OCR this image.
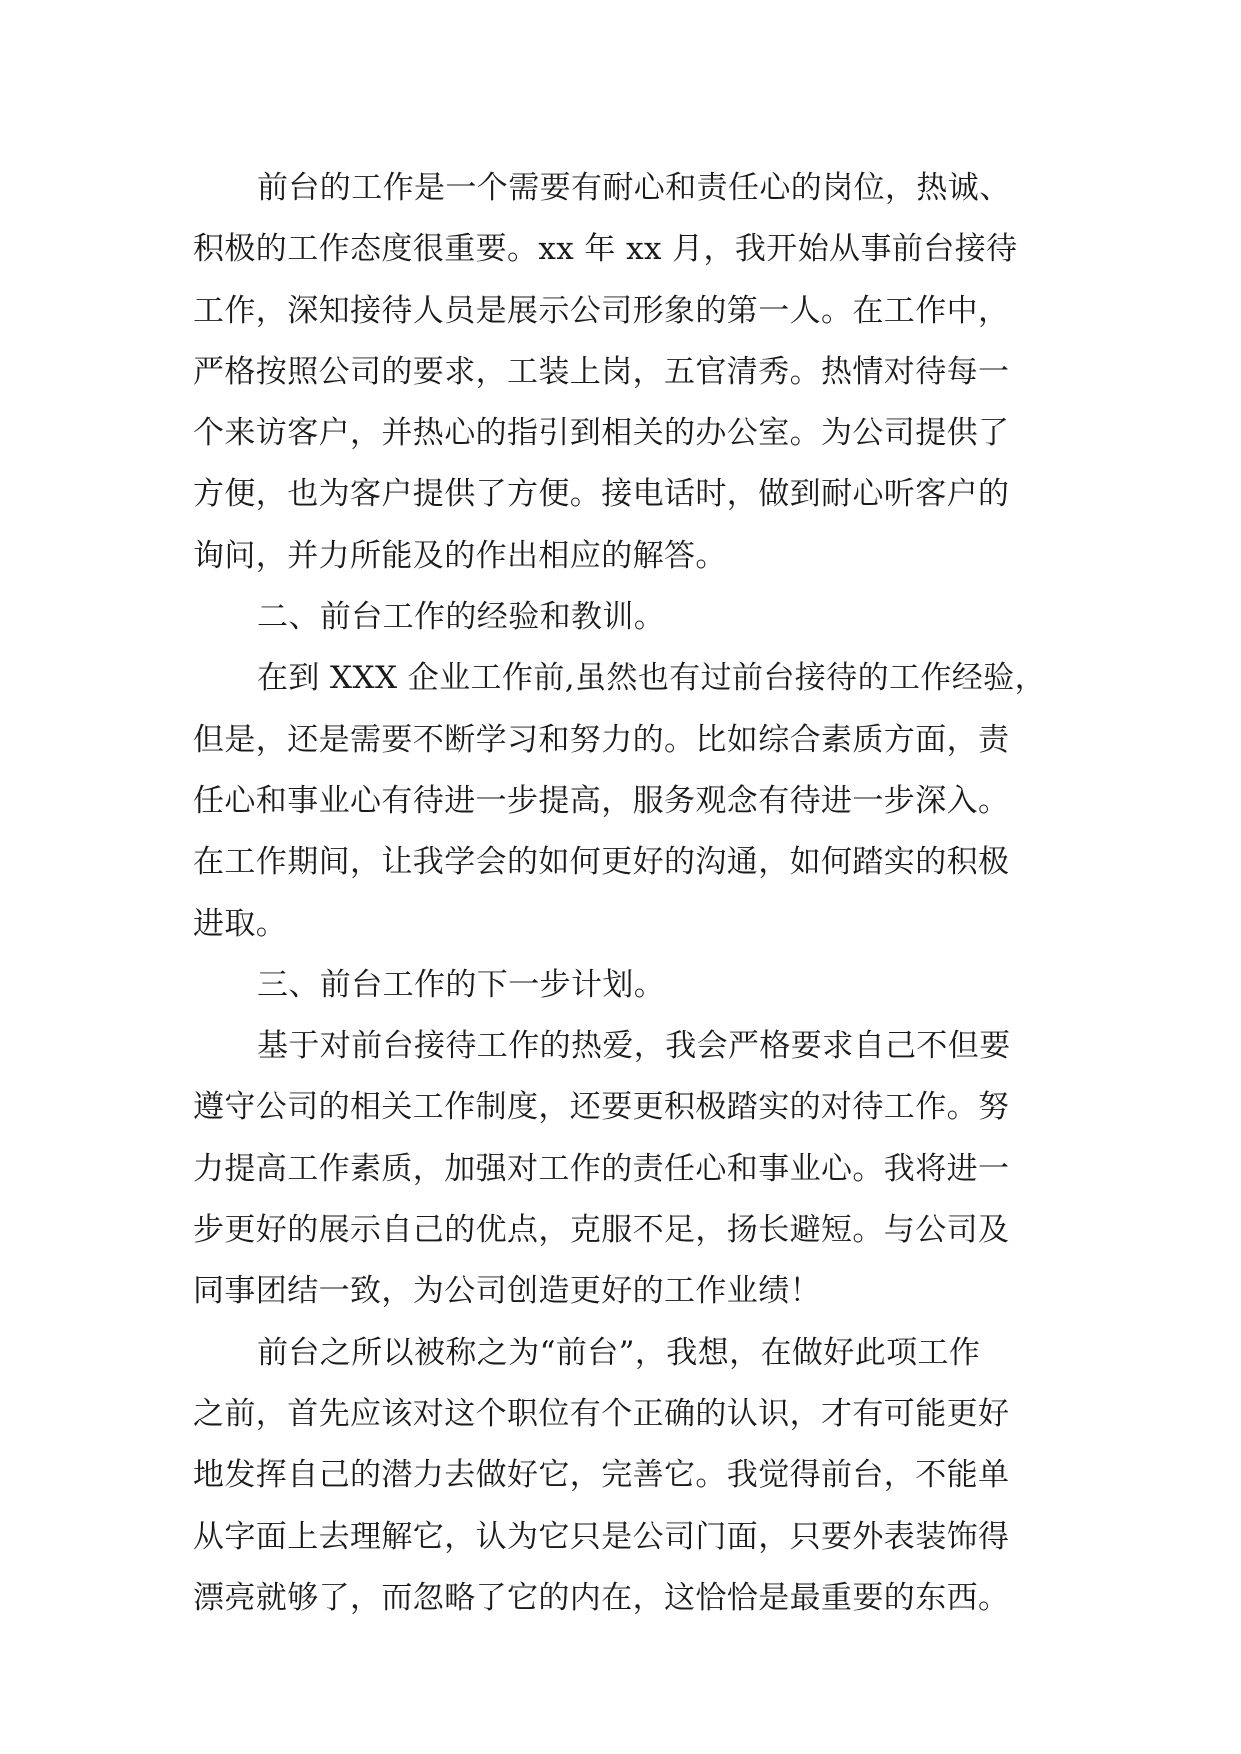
前台的工作是一个需要有耐心和责任心的岗位，热诚、
积极的工作态度很重要。xx 年 xx 月，我开始从事前台接待
工作，深知接待人员是展示公司形象的第一人。在工作中，
严格按照公司的要求，工装上岗，五官清秀。热情对待每一
个来访客户，并热心的指引到相关的办公室。为公司提供了
方便，也为客户提供了方便。接电话时，做到耐心听客户的
询问，并力所能及的作出相应的解答。
二、前台工作的经验和教训。
在到 XXX 企业工作前,虽然也有过前台接待的工作经验，
但是，还是需要不断学习和努力的。比如综合素质方面，责
任心和事业心有待进一步提高，服务观念有待进一步深入。
在工作期间，让我学会的如何更好的沟通，如何踏实的积极
进取。
三、前台工作的下一步计划。
基于对前台接待工作的热爱，我会严格要求自己不但要
遵守公司的相关工作制度，还要更积极踏实的对待工作。努
力提高工作素质，加强对工作的责任心和事业心。我将进一
步更好的展示自己的优点，克服不足，扬长避短。与公司及
同事团结一致，为公司创造更好的工作业绩！
前台之所以被称之为“前台”，我想，在做好此项工作
之前，首先应该对这个职位有个正确的认识，才有可能更好
地发挥自己的潜力去做好它，完善它。我觉得前台，不能单
从字面上去理解它，认为它只是公司门面，只要外表装饰得
漂亮就够了，而忽略了它的内在，这恰恰是最重要的东西。
